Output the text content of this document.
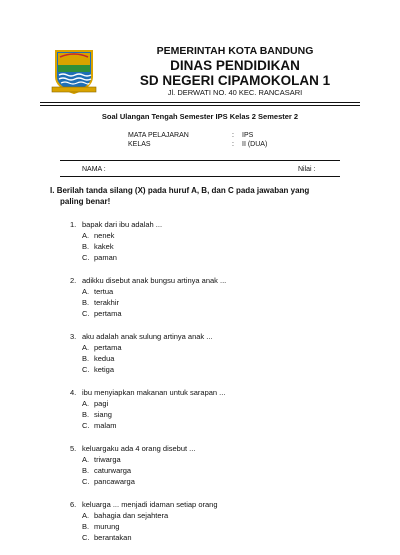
PEMERINTAH KOTA BANDUNG
DINAS PENDIDIKAN
SD NEGERI CIPAMOKOLAN 1
Jl. DERWATI NO. 40 KEC. RANCASARI
Soal Ulangan Tengah Semester IPS Kelas 2 Semester 2
MATA PELAJARAN	:	IPS
KELAS	:	II (DUA)
NAMA :	Nilai :
I. Berilah tanda silang (X) pada huruf A, B, dan C pada jawaban yang
paling benar!
1. bapak dari ibu adalah ...
A. nenek
B. kakek
C. paman
2. adikku disebut anak bungsu artinya anak ...
A. tertua
B. terakhir
C. pertama
3. aku adalah anak sulung artinya anak ...
A. pertama
B. kedua
C. ketiga
4. ibu menyiapkan makanan untuk sarapan ...
A. pagi
B. siang
C. malam
5. keluargaku ada 4 orang disebut ...
A. triwarga
B. caturwarga
C. pancawarga
6. keluarga ... menjadi idaman setiap orang
A. bahagia dan sejahtera
B. murung
C. berantakan
